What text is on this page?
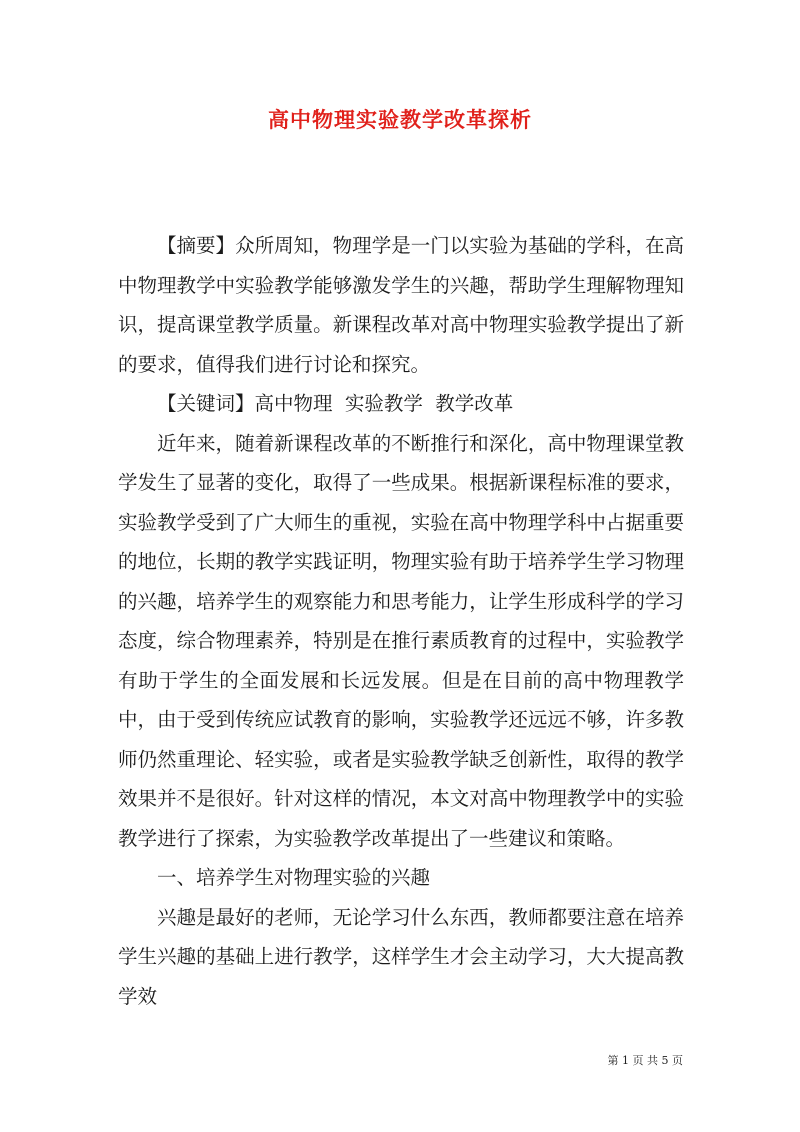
高中物理实验教学改革探析

【摘要】众所周知，物理学是一门以实验为基础的学科，在高中物理教学中实验教学能够激发学生的兴趣，帮助学生理解物理知识，提高课堂教学质量。新课程改革对高中物理实验教学提出了新的要求，值得我们进行讨论和探究。

【关键词】高中物理  实验教学  教学改革

近年来，随着新课程改革的不断推行和深化，高中物理课堂教学发生了显著的变化，取得了一些成果。根据新课程标准的要求，实验教学受到了广大师生的重视，实验在高中物理学科中占据重要的地位，长期的教学实践证明，物理实验有助于培养学生学习物理的兴趣，培养学生的观察能力和思考能力，让学生形成科学的学习态度，综合物理素养，特别是在推行素质教育的过程中，实验教学有助于学生的全面发展和长远发展。但是在目前的高中物理教学中，由于受到传统应试教育的影响，实验教学还远远不够，许多教师仍然重理论、轻实验，或者是实验教学缺乏创新性，取得的教学效果并不是很好。针对这样的情况，本文对高中物理教学中的实验教学进行了探索，为实验教学改革提出了一些建议和策略。

一、培养学生对物理实验的兴趣

兴趣是最好的老师，无论学习什么东西，教师都要注意在培养学生兴趣的基础上进行教学，这样学生才会主动学习，大大提高教学效

第 1 页 共 5 页
